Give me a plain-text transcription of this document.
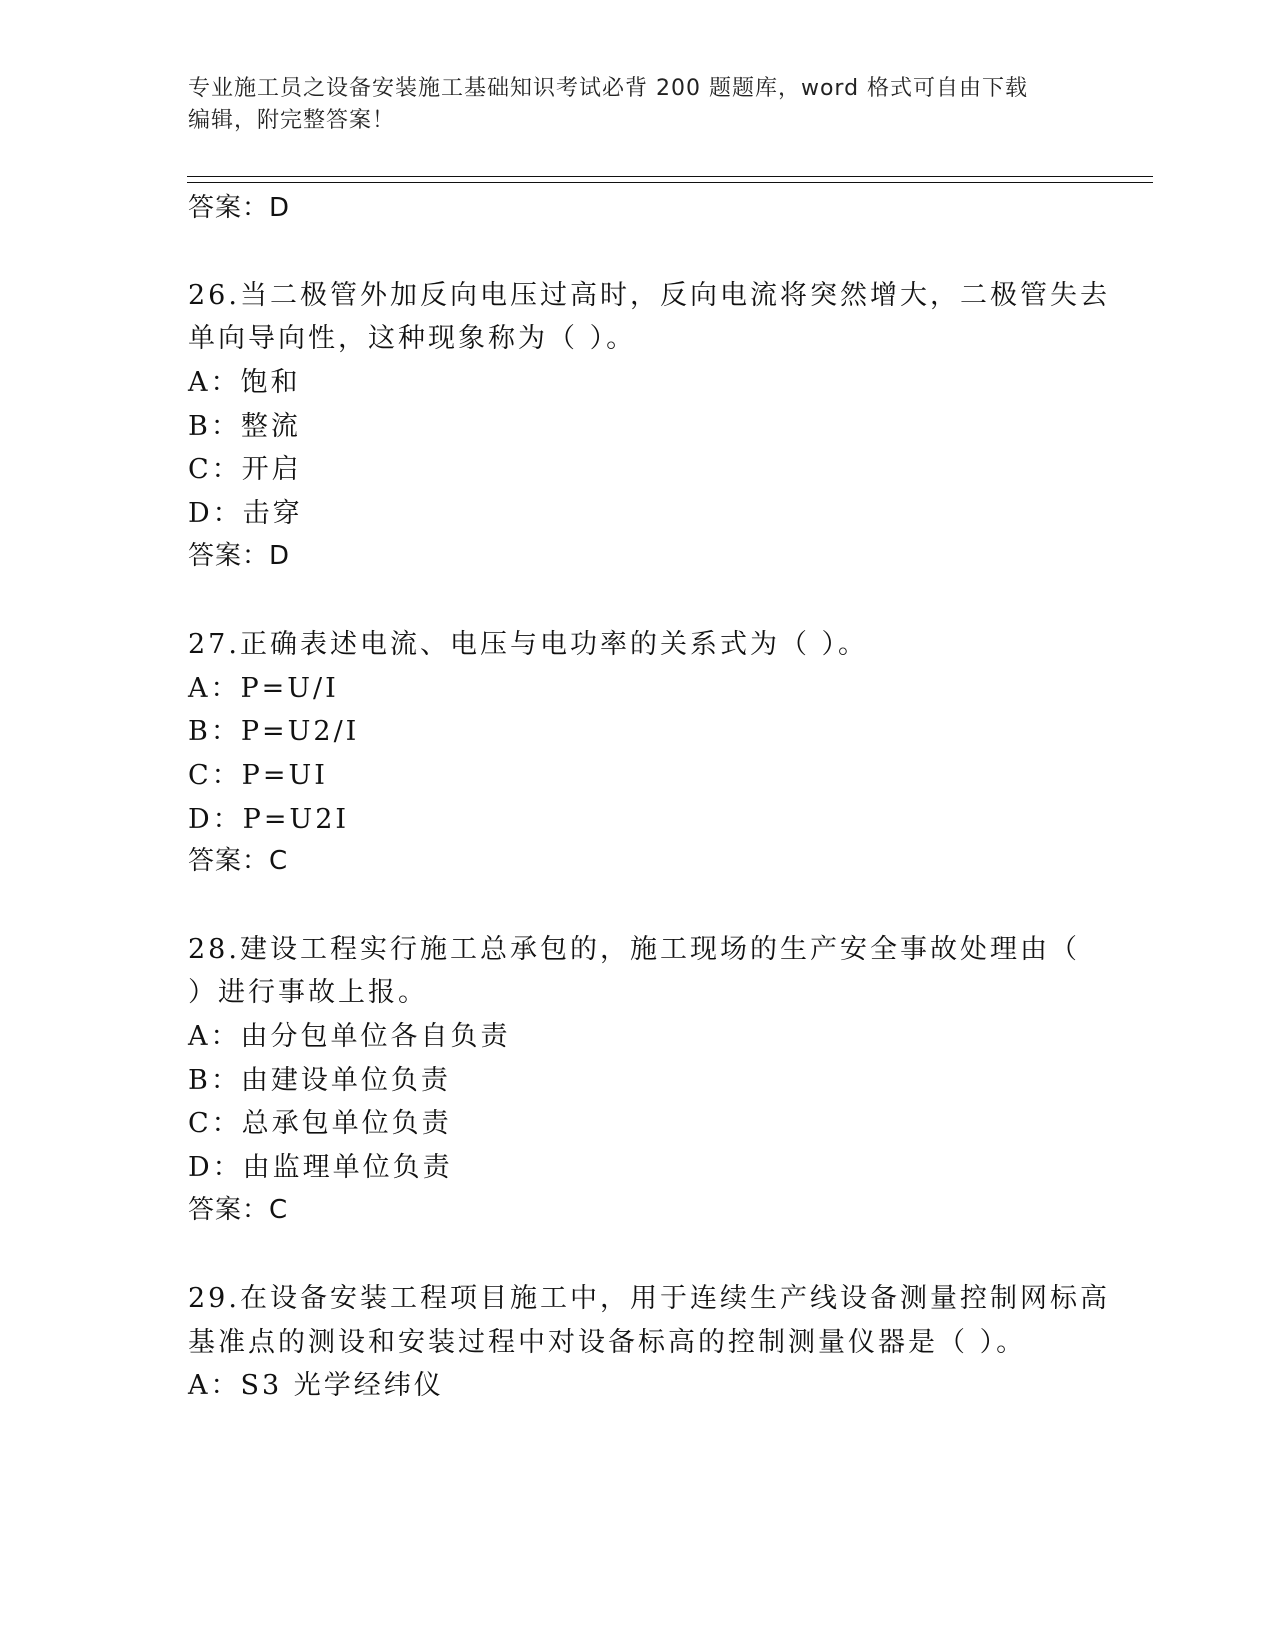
专业施工员之设备安装施工基础知识考试必背 200 题题库，word 格式可自由下载
编辑，附完整答案！
答案：D
26.当二极管外加反向电压过高时，反向电流将突然增大，二极管失去
单向导向性，这种现象称为（ ）。
A：饱和
B：整流
C：开启
D：击穿
答案：D
27.正确表述电流、电压与电功率的关系式为（ ）。
A：P=U/I
B：P=U2/I
C：P=UI
D：P=U2I
答案：C
28.建设工程实行施工总承包的，施工现场的生产安全事故处理由（
）进行事故上报。
A：由分包单位各自负责
B：由建设单位负责
C：总承包单位负责
D：由监理单位负责
答案：C
29.在设备安装工程项目施工中，用于连续生产线设备测量控制网标高
基准点的测设和安装过程中对设备标高的控制测量仪器是（ ）。
A：S3 光学经纬仪
